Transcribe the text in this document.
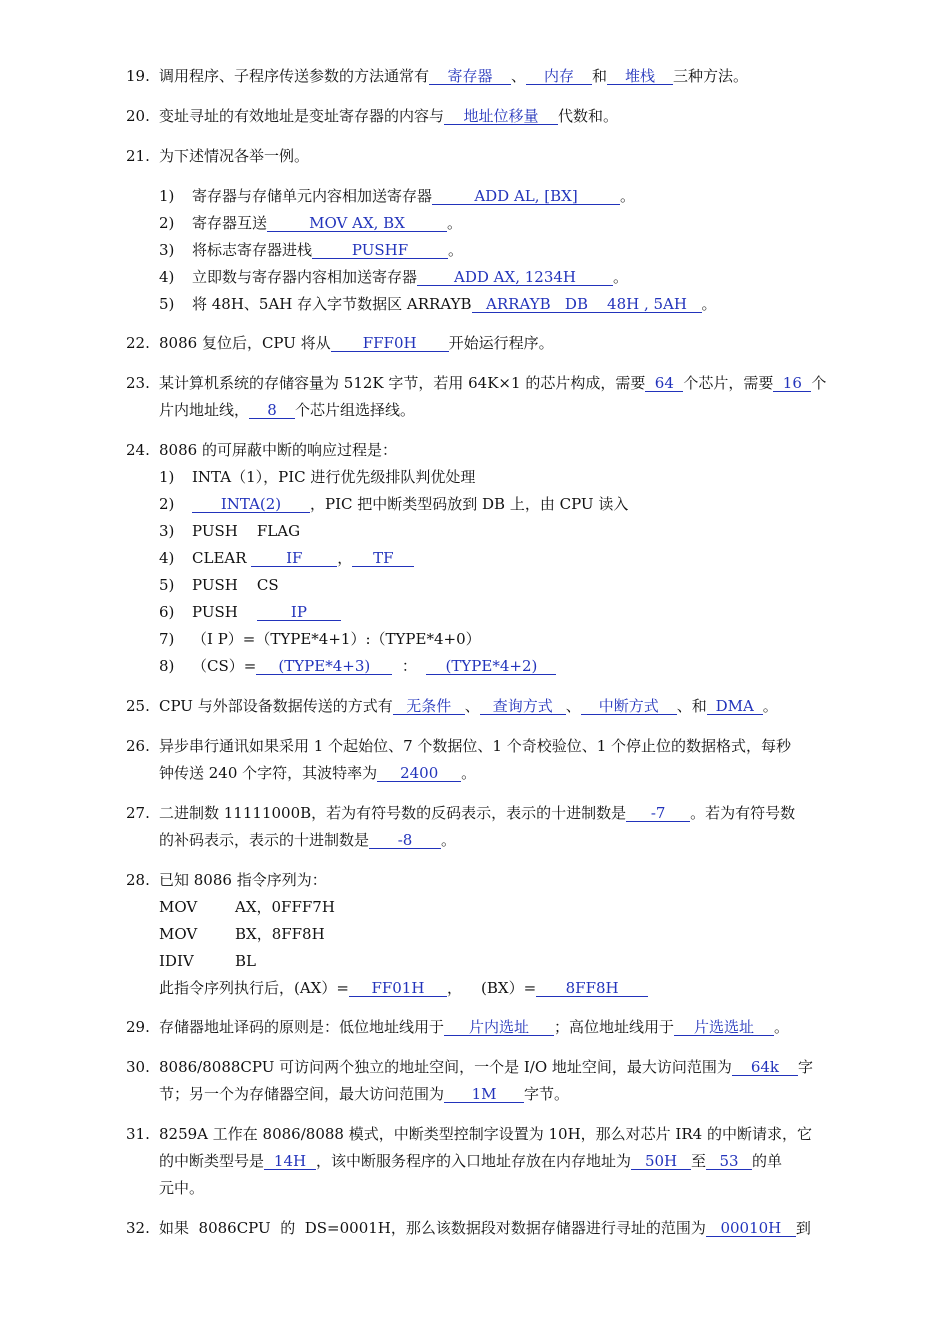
19. 调用程序、子程序传送参数的方法通常有 寄存器 、 内存 和 堆栈 三种方法。
20. 变址寻址的有效地址是变址寄存器的内容与 地址位移量 代数和。
21. 为下述情况各举一例。
1) 寄存器与存储单元内容相加送寄存器	ADD AL, [BX]	。
2) 寄存器互送	MOV AX, BX	。
3) 将标志寄存器进栈	PUSHF	。
4) 立即数与寄存器内容相加送寄存器 ADD AX, 1234H 。
5) 将 48H、5AH 存入字节数据区 ARRAYB ARRAYB   DB    48H , 5AH 。
22. 8086 复位后，CPU 将从 FFF0H 开始运行程序。
23. 某计算机系统的存储容量为 512K 字节，若用 64K×1 的芯片构成，需要 64 个芯片，需要 16 个
片内地址线， 8 个芯片组选择线。
24. 8086 的可屏蔽中断的响应过程是：
1) INTA（1），PIC 进行优先级排队判优处理
2)	INTA(2) ，PIC 把中断类型码放到 DB 上，由 CPU 读入
3) PUSH    FLAG
4) CLEAR	IF ， TF
5) PUSH    CS
6) PUSH	IP
7) （I P）=（TYPE*4+1）:（TYPE*4+0）
8) （CS）= (TYPE*4+3) ： (TYPE*4+2)
25. CPU 与外部设备数据传送的方式有 无条件 、 查询方式 、 中断方式 、和 DMA 。
26. 异步串行通讯如果采用 1 个起始位、7 个数据位、1 个奇校验位、1 个停止位的数据格式，每秒
钟传送 240 个字符，其波特率为 2400 。
27. 二进制数 11111000B，若为有符号数的反码表示，表示的十进制数是 -7 。若为有符号数
的补码表示，表示的十进制数是 -8 。
28. 已知 8086 指令序列为：
MOV	AX，0FFF7H
MOV	BX，8FF8H
IDIV	BL
此指令序列执行后，(AX）= FF01H ，    (BX）= 8FF8H
29. 存储器地址译码的原则是：低位地址线用于 片内选址 ；高位地址线用于 片选选址 。
30. 8086/8088CPU 可访问两个独立的地址空间，一个是 I/O 地址空间，最大访问范围为 64k 字
节；另一个为存储器空间，最大访问范围为 1M 字节。
31. 8259A 工作在 8086/8088 模式，中断类型控制字设置为 10H，那么对芯片 IR4 的中断请求，它
的中断类型号是 14H ，该中断服务程序的入口地址存放在内存地址为 50H 至 53 的单
元中。
32. 如果  8086CPU  的  DS=0001H，那么该数据段对数据存储器进行寻址的范围为 00010H 到
